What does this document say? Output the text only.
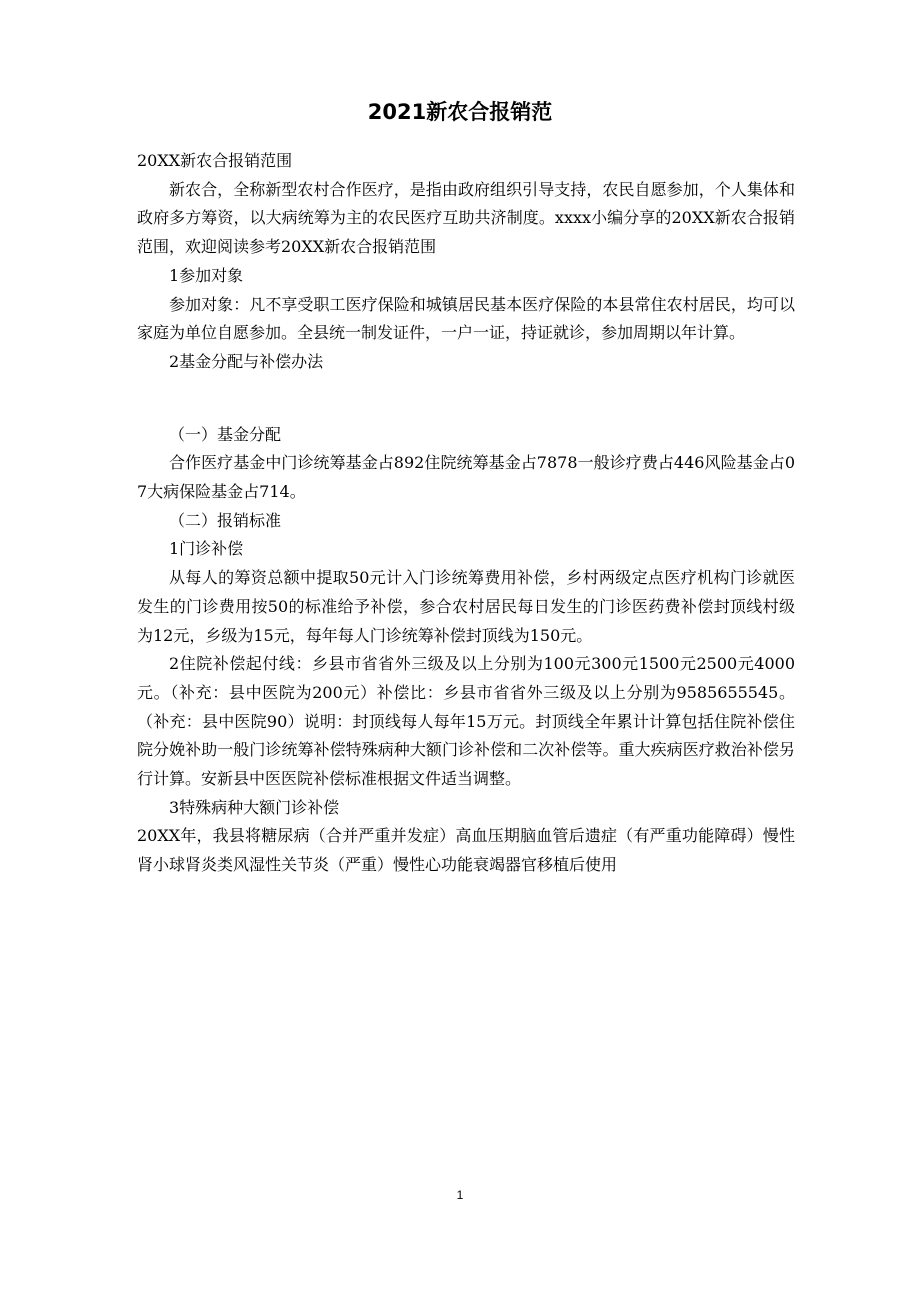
2021新农合报销范

20XX新农合报销范围

新农合，全称新型农村合作医疗，是指由政府组织引导支持，农民自愿参加，个人集体和政府多方筹资，以大病统筹为主的农民医疗互助共济制度。xxxx小编分享的20XX新农合报销范围，欢迎阅读参考20XX新农合报销范围

1参加对象

参加对象：凡不享受职工医疗保险和城镇居民基本医疗保险的本县常住农村居民，均可以家庭为单位自愿参加。全县统一制发证件，一户一证，持证就诊，参加周期以年计算。

2基金分配与补偿办法

（一）基金分配

合作医疗基金中门诊统筹基金占892住院统筹基金占7878一般诊疗费占446风险基金占07大病保险基金占714。

（二）报销标准

1门诊补偿

从每人的筹资总额中提取50元计入门诊统筹费用补偿，乡村两级定点医疗机构门诊就医发生的门诊费用按50的标准给予补偿，参合农村居民每日发生的门诊医药费补偿封顶线村级为12元，乡级为15元，每年每人门诊统筹补偿封顶线为150元。

2住院补偿起付线：乡县市省省外三级及以上分别为100元300元1500元2500元4000元。（补充：县中医院为200元）补偿比：乡县市省省外三级及以上分别为9585655545。（补充：县中医院90）说明：封顶线每人每年15万元。封顶线全年累计计算包括住院补偿住院分娩补助一般门诊统筹补偿特殊病种大额门诊补偿和二次补偿等。重大疾病医疗救治补偿另行计算。安新县中医医院补偿标准根据文件适当调整。

3特殊病种大额门诊补偿

20XX年，我县将糖尿病（合并严重并发症）高血压期脑血管后遗症（有严重功能障碍）慢性肾小球肾炎类风湿性关节炎（严重）慢性心功能衰竭器官移植后使用

1
